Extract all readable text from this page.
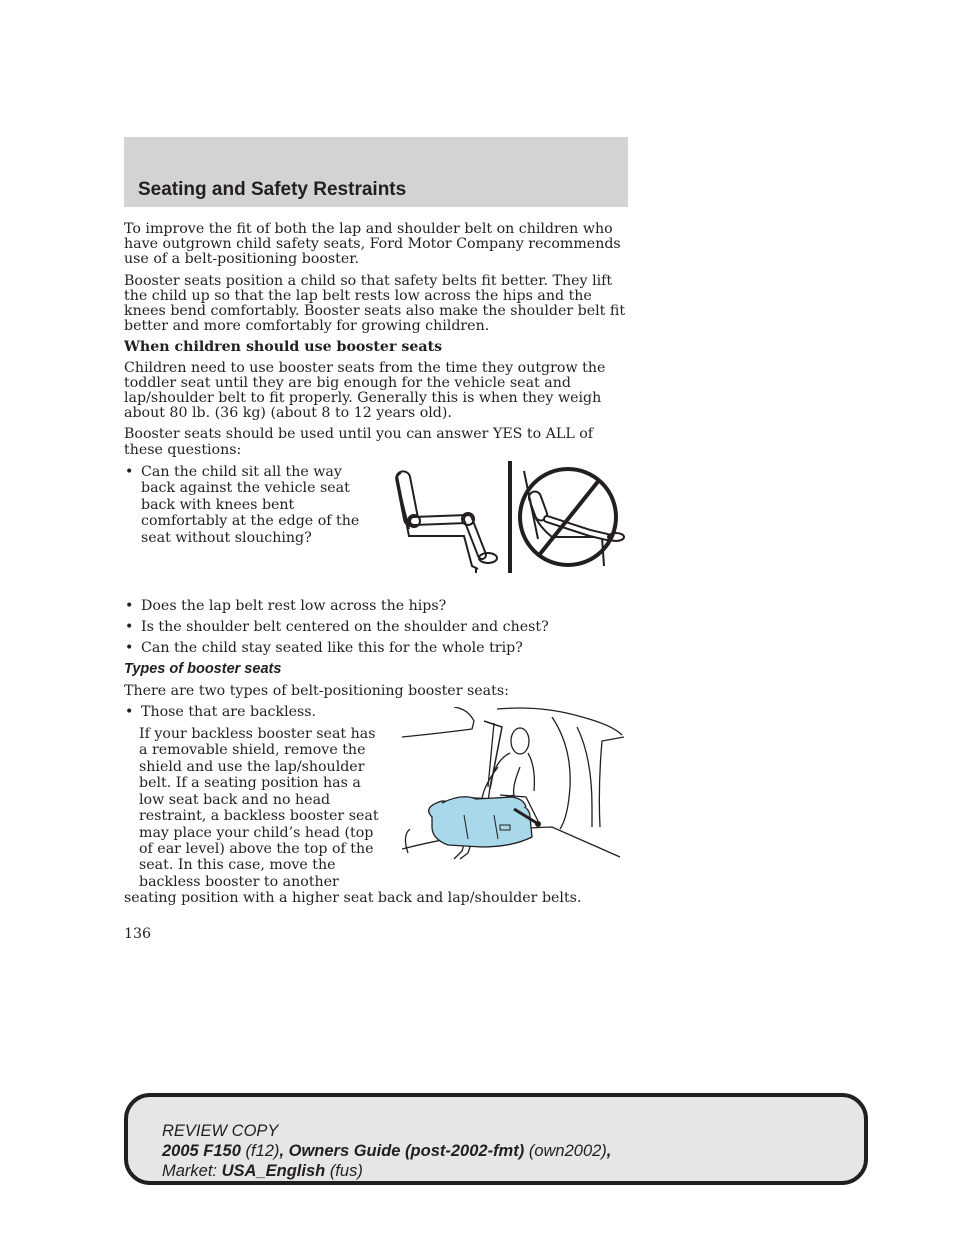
Seating and Safety Restraints

To improve the fit of both the lap and shoulder belt on children who have outgrown child safety seats, Ford Motor Company recommends use of a belt-positioning booster.

Booster seats position a child so that safety belts fit better. They lift the child up so that the lap belt rests low across the hips and the knees bend comfortably. Booster seats also make the shoulder belt fit better and more comfortably for growing children.

When children should use booster seats

Children need to use booster seats from the time they outgrow the toddler seat until they are big enough for the vehicle seat and lap/shoulder belt to fit properly. Generally this is when they weigh about 80 lb. (36 kg) (about 8 to 12 years old).

Booster seats should be used until you can answer YES to ALL of these questions:

• Can the child sit all the way back against the vehicle seat back with knees bent comfortably at the edge of the seat without slouching?
• Does the lap belt rest low across the hips?
• Is the shoulder belt centered on the shoulder and chest?
• Can the child stay seated like this for the whole trip?
Types of booster seats

There are two types of belt-positioning booster seats:

• Those that are backless.

If your backless booster seat has a removable shield, remove the shield and use the lap/shoulder belt. If a seating position has a low seat back and no head restraint, a backless booster seat may place your child’s head (top of ear level) above the top of the seat. In this case, move the backless booster to another

seating position with a higher seat back and lap/shoulder belts.

136
REVIEW COPY
2005 F150 (f12), Owners Guide (post-2002-fmt) (own2002),
Market: USA_English (fus)
